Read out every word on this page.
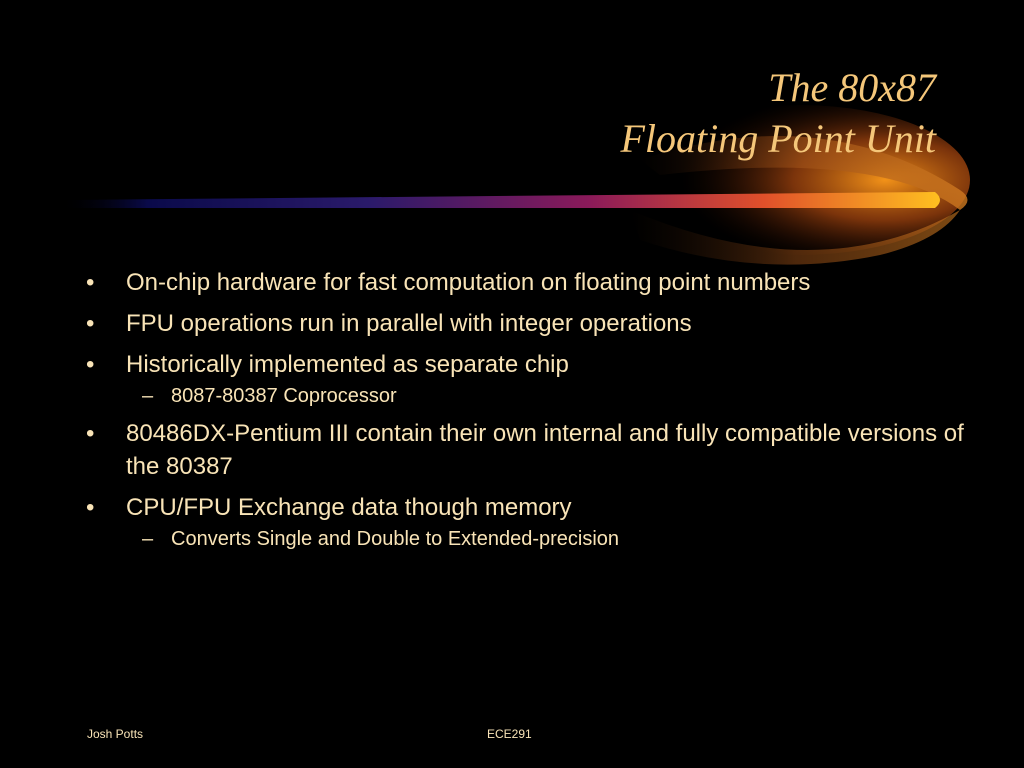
The 80x87
Floating Point Unit
• On-chip hardware for fast computation on floating point numbers
• FPU operations run in parallel with integer operations
• Historically implemented as separate chip
– 8087-80387 Coprocessor
• 80486DX-Pentium III contain their own internal and fully compatible versions of the 80387
• CPU/FPU Exchange data though memory
– Converts Single and Double to Extended-precision
Josh Potts	ECE291
